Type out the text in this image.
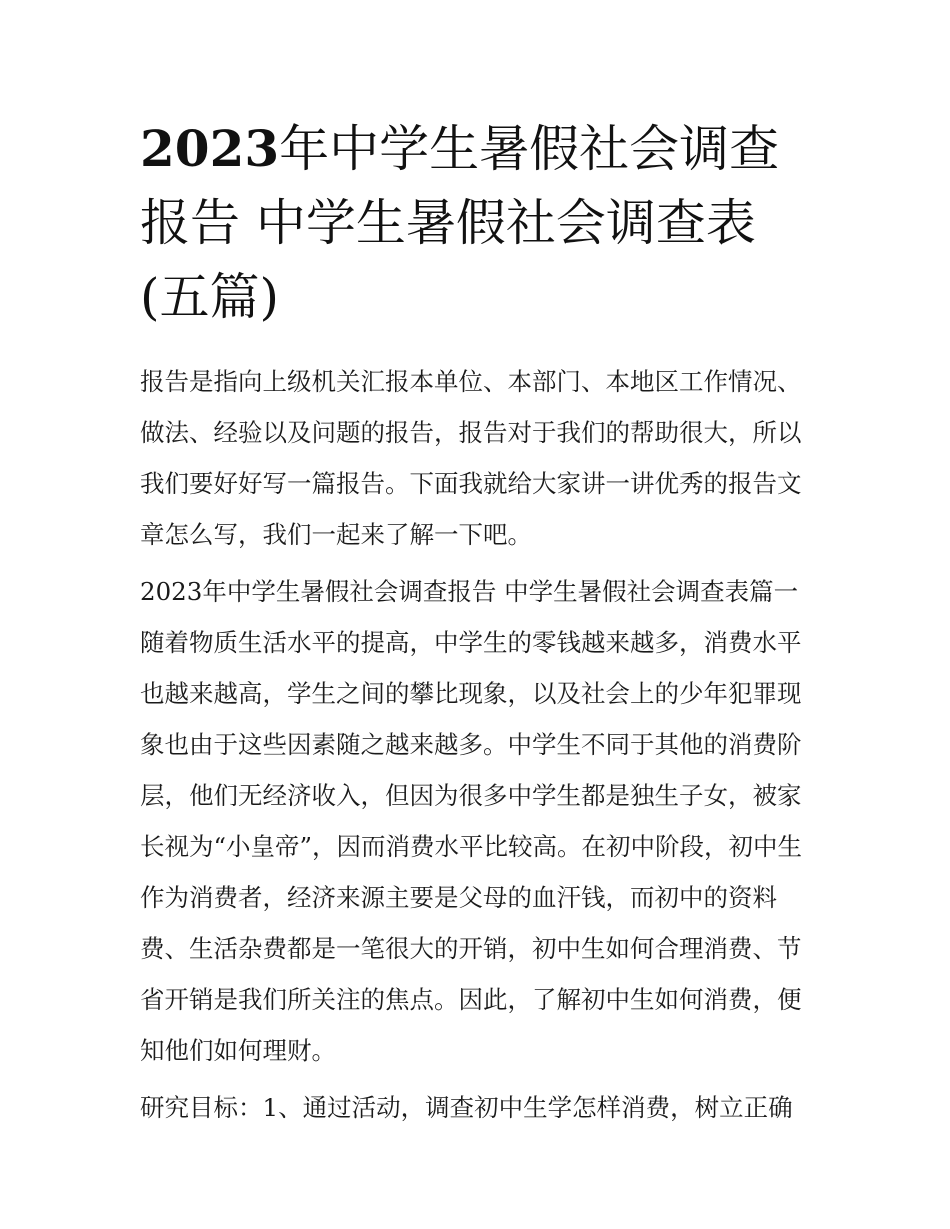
2023年中学生暑假社会调查报告 中学生暑假社会调查表(五篇)

报告是指向上级机关汇报本单位、本部门、本地区工作情况、做法、经验以及问题的报告，报告对于我们的帮助很大，所以我们要好好写一篇报告。下面我就给大家讲一讲优秀的报告文章怎么写，我们一起来了解一下吧。

2023年中学生暑假社会调查报告 中学生暑假社会调查表篇一随着物质生活水平的提高，中学生的零钱越来越多，消费水平也越来越高，学生之间的攀比现象，以及社会上的少年犯罪现象也由于这些因素随之越来越多。中学生不同于其他的消费阶层，他们无经济收入，但因为很多中学生都是独生子女，被家长视为“小皇帝”，因而消费水平比较高。在初中阶段，初中生作为消费者，经济来源主要是父母的血汗钱，而初中的资料费、生活杂费都是一笔很大的开销，初中生如何合理消费、节省开销是我们所关注的焦点。因此，了解初中生如何消费，便知他们如何理财。

研究目标：1、通过活动，调查初中生学怎样消费，树立正确
